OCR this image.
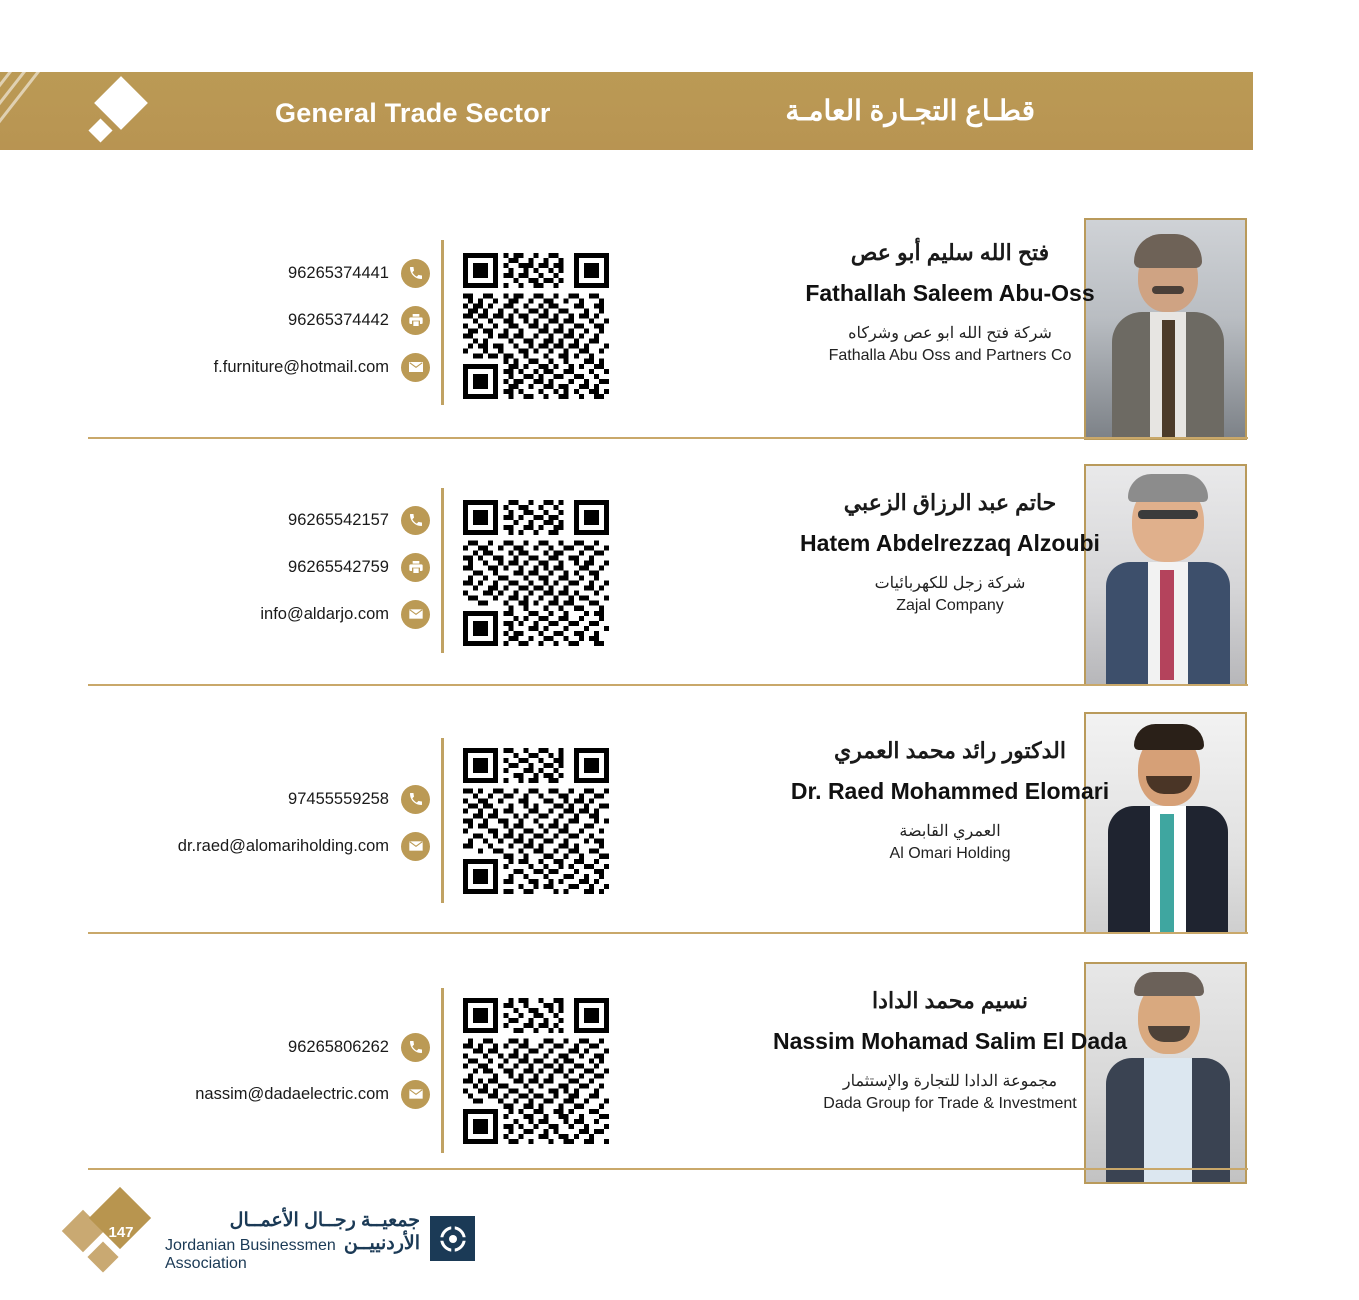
General Trade Sector	قطـاع التجـارة العامـة
فتح الله سليم أبو عص
Fathallah Saleem Abu-Oss
شركة فتح الله ابو عص وشركاه
Fathalla Abu Oss and Partners Co
96265374441
96265374442
f.furniture@hotmail.com
حاتم عبد الرزاق الزعبي
Hatem Abdelrezzaq Alzoubi
شركة زجل للكهربائيات
Zajal Company
96265542157
96265542759
info@aldarjo.com
الدكتور رائد محمد العمري
Dr. Raed Mohammed Elomari
العمري القابضة
Al Omari Holding
97455559258
dr.raed@alomariholding.com
نسيم محمد الدادا
Nassim Mohamad Salim El Dada
مجموعة الدادا للتجارة والإستثمار
Dada Group for Trade & Investment
96265806262
nassim@dadaelectric.com
147
جمعيــة رجــال الأعمــال الأردنييــن
Jordanian Businessmen Association
